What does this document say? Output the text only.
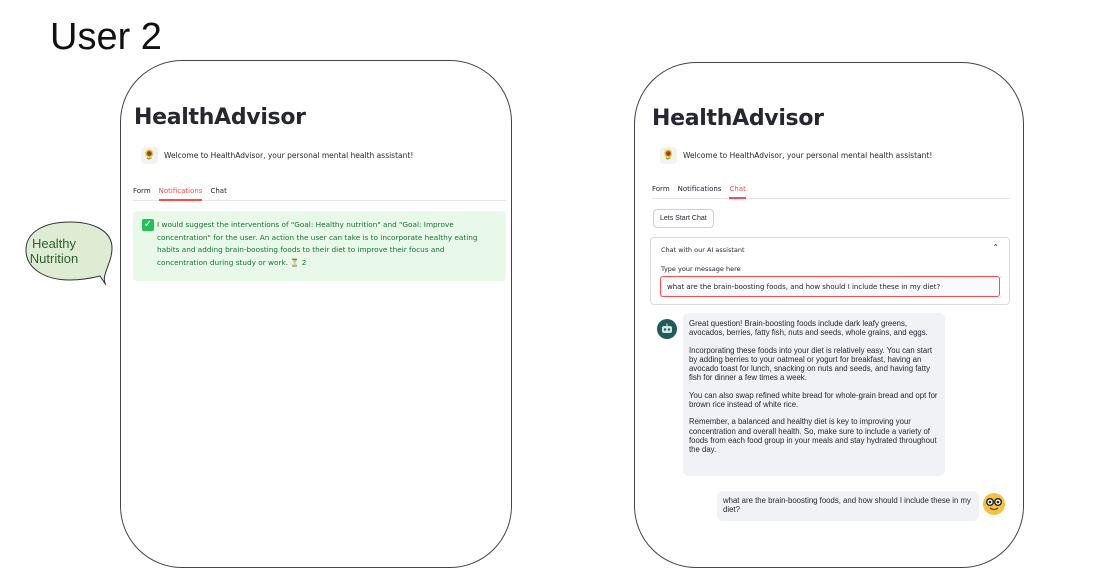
User 2
Healthy
Nutrition
HealthAdvisor
🌻	Welcome to HealthAdvisor, your personal mental health assistant!
Form Notifications Chat
✓ I would suggest the interventions of "Goal: Healthy nutrition" and "Goal: Improve concentration" for the user. An action the user can take is to incorporate healthy eating habits and adding brain-boosting foods to their diet to improve their focus and concentration during study or work. ⏳ 2
HealthAdvisor
🌻	Welcome to HealthAdvisor, your personal mental health assistant!
Form Notifications Chat
Lets Start Chat
Chat with our AI assistant	⌃
Type your message here
what are the brain-boosting foods, and how should I include these in my diet?

Great question! Brain-boosting foods include dark leafy greens, avocados, berries, fatty fish, nuts and seeds, whole grains, and eggs.

Incorporating these foods into your diet is relatively easy. You can start by adding berries to your oatmeal or yogurt for breakfast, having an avocado toast for lunch, snacking on nuts and seeds, and having fatty fish for dinner a few times a week.

You can also swap refined white bread for whole-grain bread and opt for brown rice instead of white rice.

Remember, a balanced and healthy diet is key to improving your concentration and overall health. So, make sure to include a variety of foods from each food group in your meals and stay hydrated throughout the day.

what are the brain-boosting foods, and how should I include these in my diet?
